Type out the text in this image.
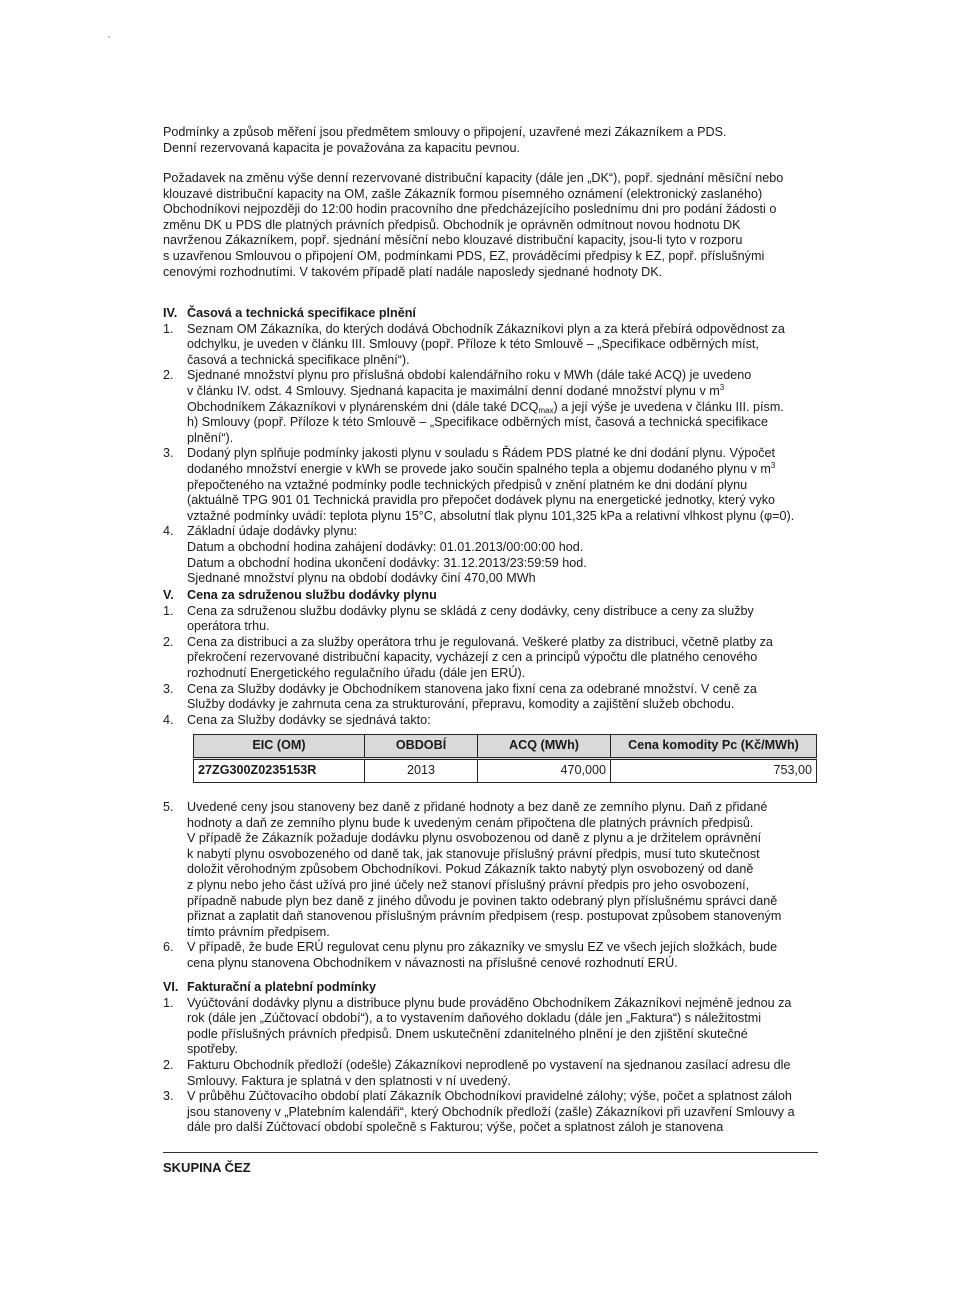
Podmínky a způsob měření jsou předmětem smlouvy o připojení, uzavřené mezi Zákazníkem a PDS.

Denní rezervovaná kapacita je považována za kapacitu pevnou.

Požadavek na změnu výše denní rezervované distribuční kapacity (dále jen „DK“), popř. sjednání měsíční nebo

klouzavé distribuční kapacity na OM, zašle Zákazník formou písemného oznámení (elektronický zaslaného)

Obchodníkovi nejpozději do 12:00 hodin pracovního dne předcházejícího poslednímu dni pro podání žádosti o

změnu DK u PDS dle platných právních předpisů. Obchodník je oprávněn odmítnout novou hodnotu DK

navrženou Zákazníkem, popř. sjednání měsíční nebo klouzavé distribuční kapacity, jsou-li tyto v rozporu

s uzavřenou Smlouvou o připojení OM, podmínkami PDS, EZ, prováděcími předpisy k EZ, popř. příslušnými

cenovými rozhodnutími. V takovém případě platí nadále naposledy sjednané hodnoty DK.

IV. Časová a technická specifikace plnění
1.	Seznam OM Zákazníka, do kterých dodává Obchodník Zákazníkovi plyn a za která přebírá odpovědnost za

odchylku, je uveden v článku III. Smlouvy (popř. Příloze k této Smlouvě – „Specifikace odběrných míst,

časová a technická specifikace plnění“).

2.	Sjednané množství plynu pro příslušná období kalendářního roku v MWh (dále také ACQ) je uvedeno

v článku IV. odst. 4 Smlouvy. Sjednaná kapacita je maximální denní dodané množství plynu v $m^3$

Obchodníkem Zákazníkovi v plynárenském dni (dále také $DCQ_{max}$) a její výše je uvedena v článku III. písm.

h) Smlouvy (popř. Příloze k této Smlouvě – „Specifikace odběrných míst, časová a technická specifikace

plnění“).

3.	Dodaný plyn splňuje podmínky jakosti plynu v souladu s Řádem PDS platné ke dni dodání plynu. Výpočet

dodaného množství energie v kWh se provede jako součin spalného tepla a objemu dodaného plynu v $m^3$

přepočteného na vztažné podmínky podle technických předpisů v znění platném ke dni dodání plynu

(aktuálně TPG 901 01 Technická pravidla pro přepočet dodávek plynu na energetické jednotky, který vyko

vztažné podmínky uvádí: teplota plynu 15°C, absolutní tlak plynu 101,325 kPa a relativní vlhkost plynu (φ=0).

4.	Základní údaje dodávky plynu:

Datum a obchodní hodina zahájení dodávky: 01.01.2013/00:00:00 hod.

Datum a obchodní hodina ukončení dodávky: 31.12.2013/23:59:59 hod.

Sjednané množství plynu na období dodávky činí 470,00 MWh

V.	Cena za sdruženou službu dodávky plynu
1.	Cena za sdruženou službu dodávky plynu se skládá z ceny dodávky, ceny distribuce a ceny za služby

operátora trhu.

2.	Cena za distribuci a za služby operátora trhu je regulovaná. Veškeré platby za distribuci, včetně platby za

překročení rezervované distribuční kapacity, vycházejí z cen a principů výpočtu dle platného cenového

rozhodnutí Energetického regulačního úřadu (dále jen ERÚ).

3.	Cena za Služby dodávky je Obchodníkem stanovena jako fixní cena za odebrané množství. V ceně za

Služby dodávky je zahrnuta cena za strukturování, přepravu, komodity a zajištění služeb obchodu.

4.	Cena za Služby dodávky se sjednává takto:

EIC (OM)	OBDOBÍ	ACQ (MWh)	Cena komodity Pc (Kč/MWh)
27ZG300Z0235153R	2013	470,000	753,00
5.	Uvedené ceny jsou stanoveny bez daně z přidané hodnoty a bez daně ze zemního plynu. Daň z přidané

hodnoty a daň ze zemního plynu bude k uvedeným cenám připočtena dle platných právních předpisů.

V případě že Zákazník požaduje dodávku plynu osvobozenou od daně z plynu a je držitelem oprávnění

k nabytí plynu osvobozeného od daně tak, jak stanovuje příslušný právní předpis, musí tuto skutečnost

doložit věrohodným způsobem Obchodníkovi. Pokud Zákazník takto nabytý plyn osvobozený od daně

z plynu nebo jeho část užívá pro jiné účely než stanoví příslušný právní předpis pro jeho osvobození,

případně nabude plyn bez daně z jiného důvodu je povinen takto odebraný plyn příslušnému správci daně

přiznat a zaplatit daň stanovenou příslušným právním předpisem (resp. postupovat způsobem stanoveným

tímto právním předpisem.

6.	V případě, že bude ERÚ regulovat cenu plynu pro zákazníky ve smyslu EZ ve všech jejích složkách, bude

cena plynu stanovena Obchodníkem v návaznosti na příslušné cenové rozhodnutí ERÚ.

VI. Fakturační a platební podmínky
1.	Vyúčtování dodávky plynu a distribuce plynu bude prováděno Obchodníkem Zákazníkovi nejméně jednou za

rok (dále jen „Zúčtovací období“), a to vystavením daňového dokladu (dále jen „Faktura“) s náležitostmi

podle příslušných právních předpisů. Dnem uskutečnění zdanitelného plnění je den zjištění skutečné

spotřeby.

2.	Fakturu Obchodník předloží (odešle) Zákazníkovi neprodleně po vystavení na sjednanou zasílací adresu dle

Smlouvy. Faktura je splatná v den splatnosti v ní uvedený.

3.	V průběhu Zúčtovacího období platí Zákazník Obchodníkovi pravidelné zálohy; výše, počet a splatnost záloh

jsou stanoveny v „Platebním kalendáři“, který Obchodník předloží (zašle) Zákazníkovi při uzavření Smlouvy a

dále pro další Zúčtovací období společně s Fakturou; výše, počet a splatnost záloh je stanovena

SKUPINA ČEZ
